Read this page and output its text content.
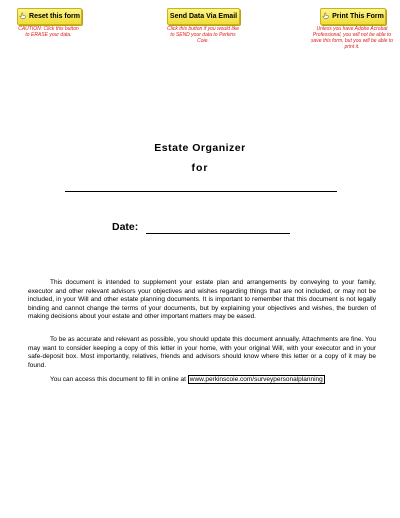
Reset this form
CAUTION: Click this button to ERASE your data.
Send Data Via Email
Click this button if you would like to SEND your data to Perkins Coie.
Print This Form
Unless you have Adobe Acrobat Professional, you will not be able to save this form, but you will be able to print it.
Estate Organizer
for
Date:
This document is intended to supplement your estate plan and arrangements by conveying to your family, executor and other relevant advisors your objectives and wishes regarding things that are not included, or may not be included, in your Will and other estate planning documents. It is important to remember that this document is not legally binding and cannot change the terms of your documents, but by explaining your objectives and wishes, the burden of making decisions about your estate and other important matters may be eased.
To be as accurate and relevant as possible, you should update this document annually. Attachments are fine. You may want to consider keeping a copy of this letter in your home, with your original Will, with your executor and in your safe-deposit box. Most importantly, relatives, friends and advisors should know where this letter or a copy of it may be found.
You can access this document to fill in online at www.perkinscoie.com/surveypersonalplanning
